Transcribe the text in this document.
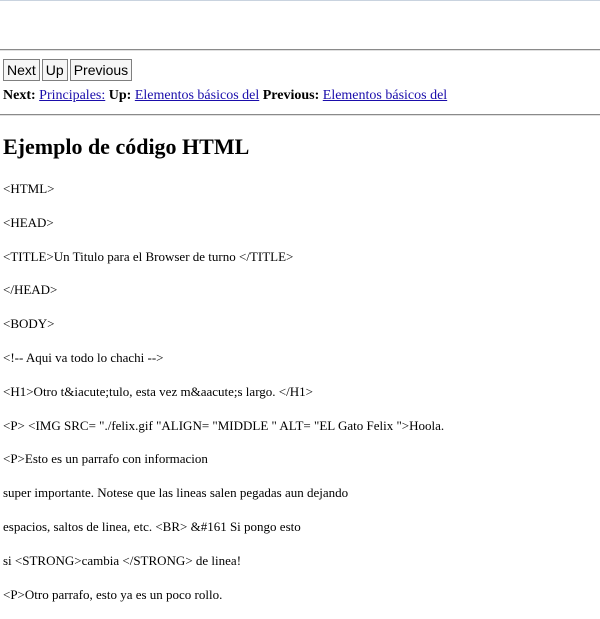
Next Up Previous
Next: Principales: Up: Elementos básicos del Previous: Elementos básicos del
Ejemplo de código HTML

<HTML>

<HEAD>

<TITLE>Un Titulo para el Browser de turno </TITLE>

</HEAD>

<BODY>

<!-- Aqui va todo lo chachi -->

<H1>Otro t&iacute;tulo, esta vez m&aacute;s largo. </H1>

<P> <IMG SRC= "./felix.gif "ALIGN= "MIDDLE " ALT= "EL Gato Felix ">Hoola.

<P>Esto es un parrafo con informacion

super importante. Notese que las lineas salen pegadas aun dejando

espacios, saltos de linea, etc. <BR> &#161 Si pongo esto

si <STRONG>cambia </STRONG> de linea!

<P>Otro parrafo, esto ya es un poco rollo.
